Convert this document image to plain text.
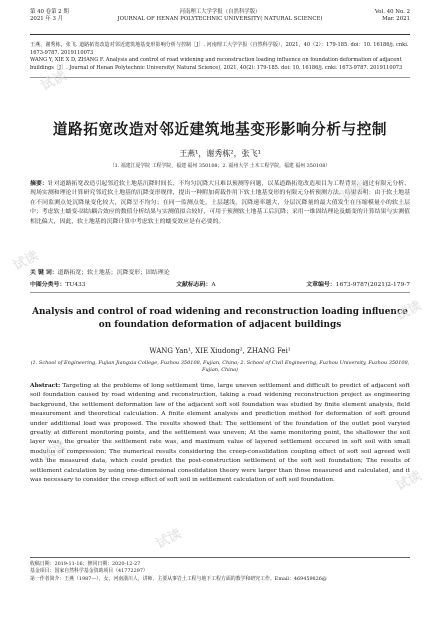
第 40 卷第 2 期
2021 年 3 月
河南理工大学学报（自然科学版）
JOURNAL OF HENAN POLYTECHNIC UNIVERSITY( NATURAL SCIENCE)
Vol. 40 No. 2
Mar. 2021
王燕，谢秀栋，张飞. 道路拓宽改造对邻近建筑地基变形影响分析与控制［J］. 河南理工大学学报（自然科学版），2021，40（2）：179-185. doi：10. 16186/j. cnki. 1673-9787. 2019110073
WANG Y, XIE X D, ZHANG F. Analysis and control of road widening and reconstruction loading influence on foundation deformation of adjacent buildings［J］. Journal of Henan Polytechnic University( Natural Science), 2021, 40(2): 179-185. doi: 10. 16186/j. cnki. 1673-9787. 2019110073
道路拓宽改造对邻近建筑地基变形影响分析与控制
王燕¹，谢秀栋²，张飞¹
（1. 福建江夏学院 工程学院，福建 福州 350108；2. 福州大学 土木工程学院，福建 福州 350108）
摘要：针对道路拓宽改造引起邻近软土地基沉降时间长、不均匀沉降大且难以预测等问题，以某道路拓宽改造项目为工程背景，通过有限元分析、现场实测和理论计算研究邻近软土地基的沉降变形规律，提出一种附加荷载作用下软土地基变形的有限元分析预测方法。结果表明：由于软土地基在不同监测点处沉降量变化较大，沉降呈不均匀；在同一监测点处，土层越浅，沉降速率越大，分层沉降量的最大值发生在压缩模量小的软土层中；考虑软土蠕变-固结耦合效应的数值分析结果与实测值拟合较好，可用于预测软土地基工后沉降；采用一维固结理论及蠕变的计算结果与实测值相比偏大，因此，软土地基的沉降计算中考虑软土的蠕变效应是有必要的。
关 键 词：道路拓宽；软土地基；沉降变形；固结理论
中图分类号：TU433	文献标志码：A	文章编号：1673-9787(2021)2-179-7
Analysis and control of road widening and reconstruction loading influence on foundation deformation of adjacent buildings
WANG Yan¹, XIE Xiudong², ZHANG Fei¹
(1. School of Engineering, Fujian Jiangxia College, Fuzhou 350108, Fujian, China; 2. School of Civil Engineering, Fuzhou University, Fuzhou 350108, Fujian, China)
Abstract: Targeting at the problems of long settlement time, large uneven settlement and difficult to predict of adjacent soft soil foundation caused by road widening and reconstruction, taking a road widening reconstruction project as engineering background, the settlement deformation law of the adjacent soft soil foundation was studied by finite element analysis, field measurement and theoretical calculation. A finite element analysis and prediction method for deformation of soft ground under additional load was proposed. The results showed that: The settlement of the foundation of the outlet pool varyied greatly at different monitoring points, and the settlement was uneven; At the same monitoring point, the shallower the soil layer was, the greater the settlement rate was, and maximum value of layered settlement occured in soft soil with small modulus of compression; The numerical results considering the creep-consolidation coupling effect of soft soil agreed well with the measured data, which could predict the post-construction settlement of the soft soil foundation; The results of settlement calculation by using one-dimensional consolidation theory were larger than those measured and calculated, and it was necessary to consider the creep effect of soft soil in settlement calculation of soft soil foundation.
收稿日期：2019-11-16；修回日期：2020-12-27
基金项目：国家自然科学基金资助项目（41772297）
第一作者简介：王燕（1987—），女，河南潢川人，讲师，主要从事岩土工程与地下工程方面的教学和研究工作。Email：469459826@
试读
试读
试读
试读
试读
试读
试读
